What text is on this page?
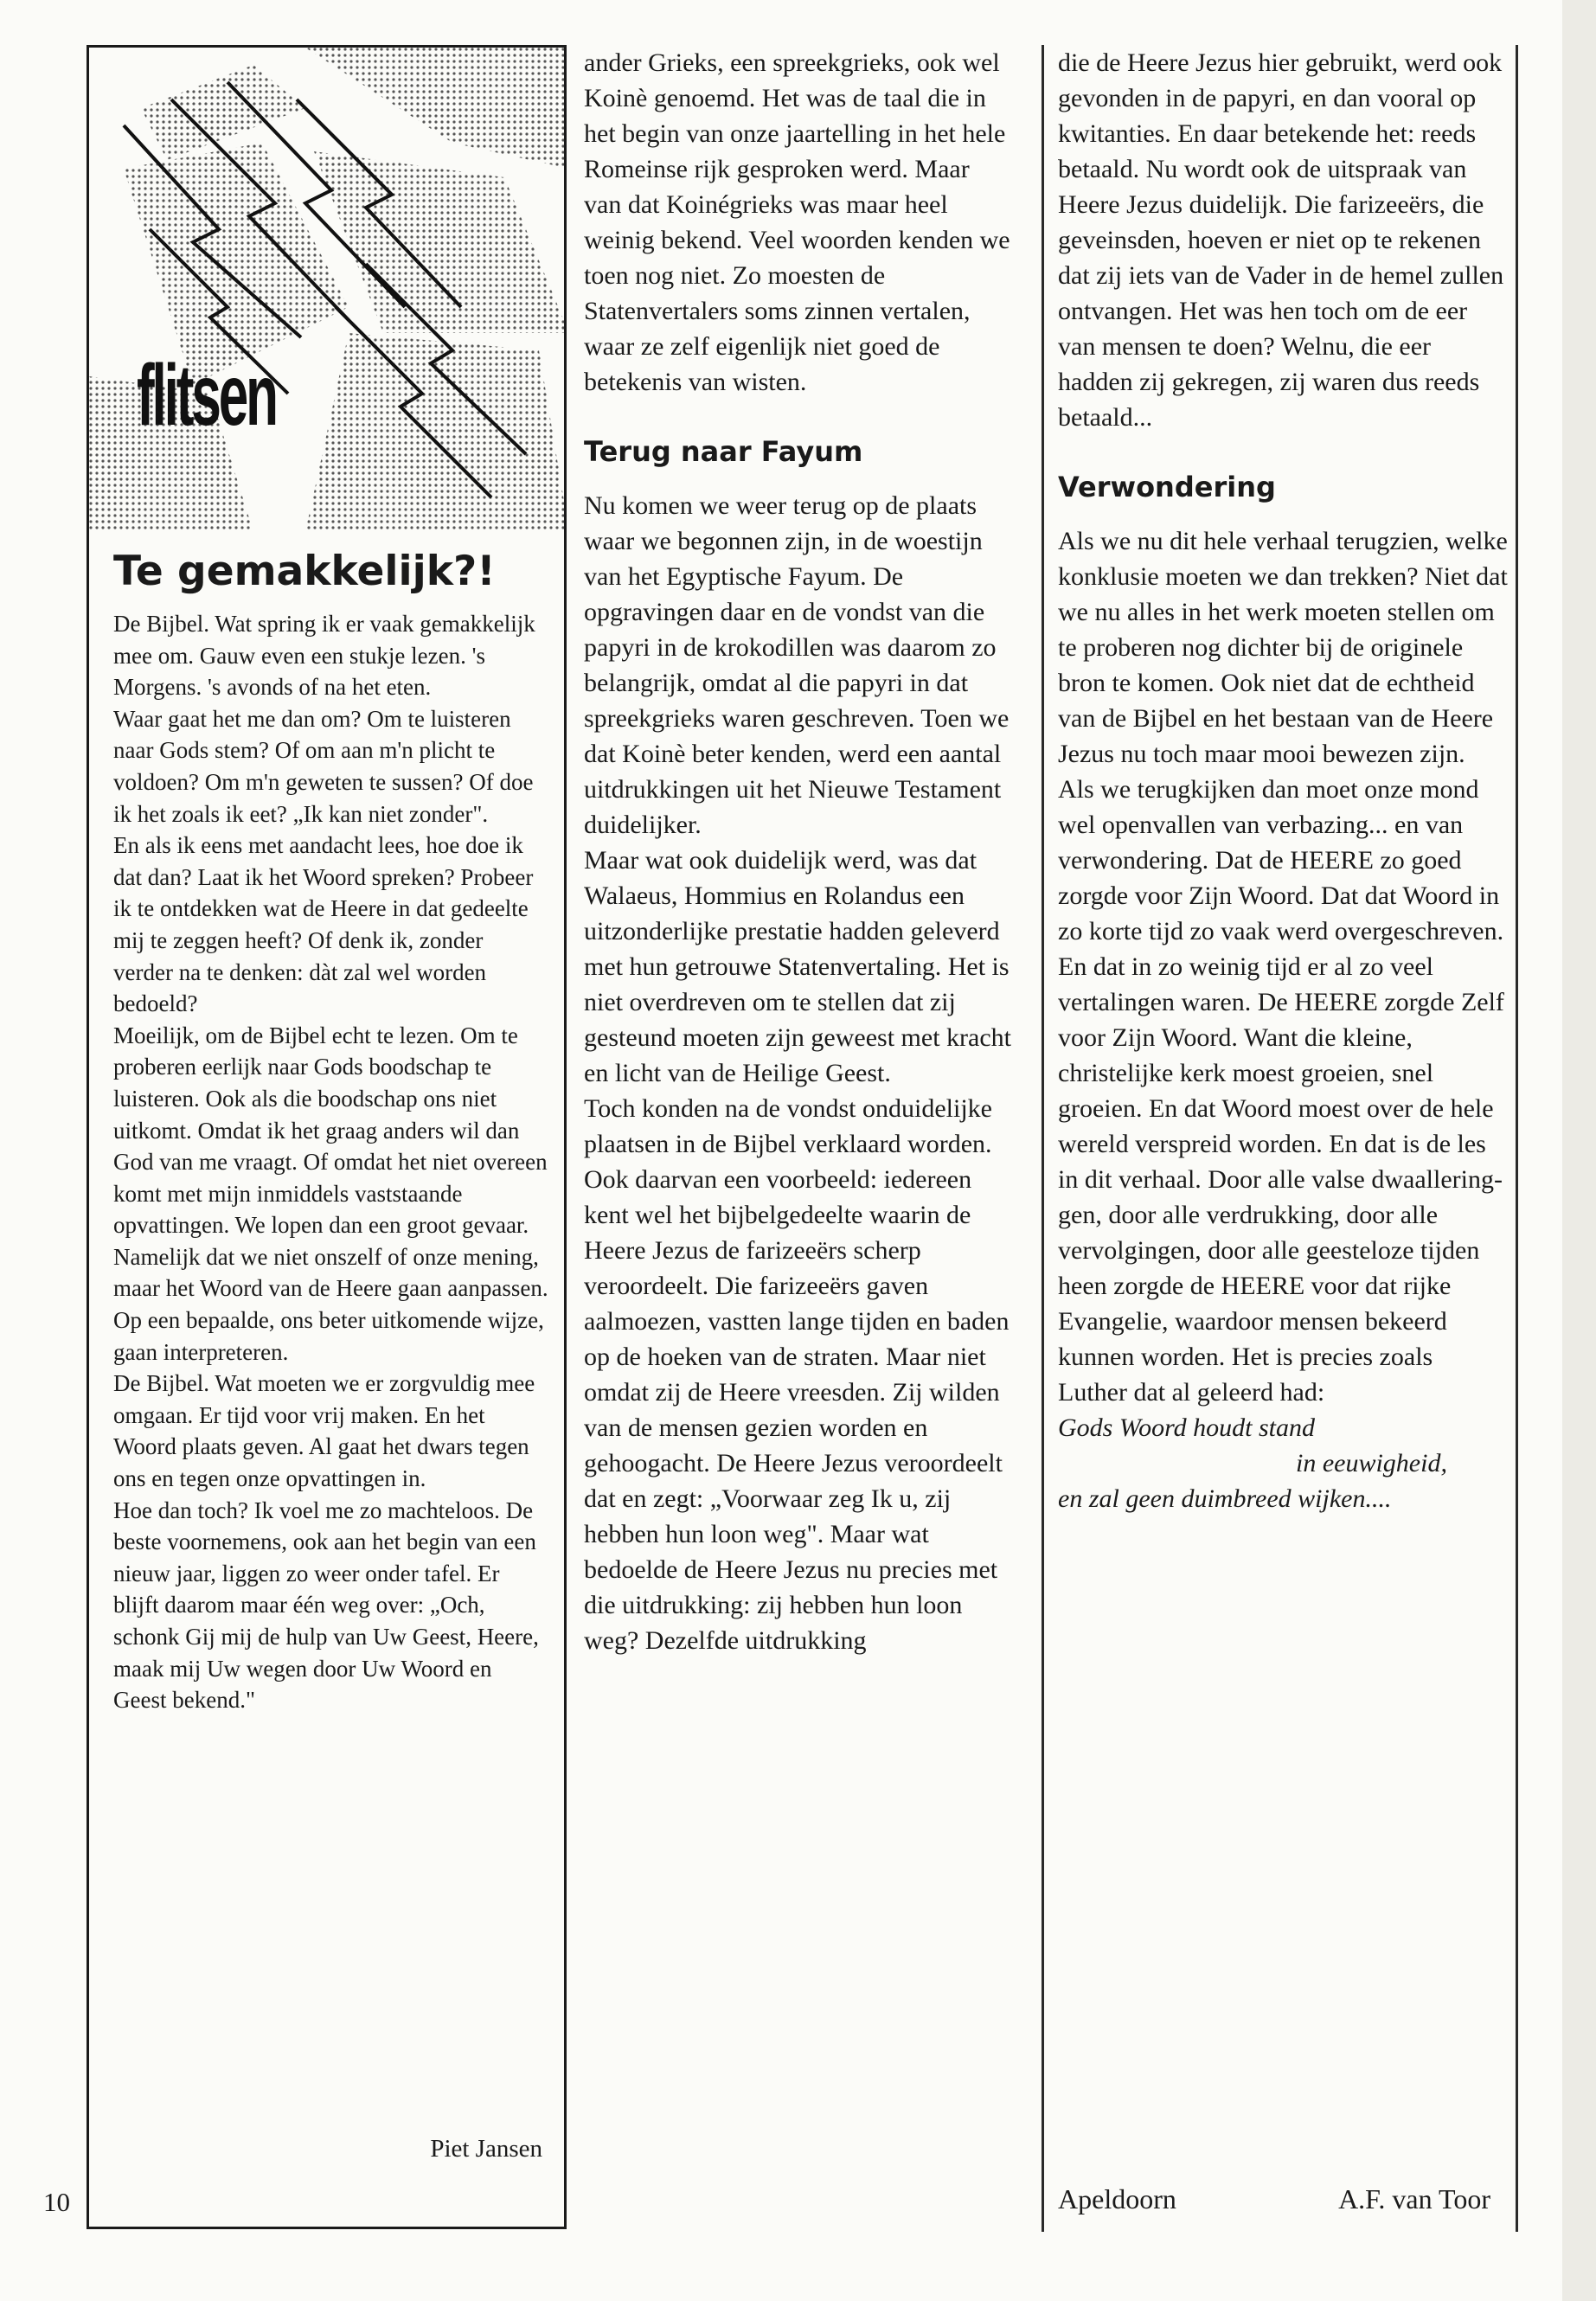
flitsen
Te gemakkelijk?!
De Bijbel. Wat spring ik er vaak gemakkelijk mee om. Gauw even een stukje lezen. 's Morgens. 's avonds of na het eten.
Waar gaat het me dan om? Om te luisteren naar Gods stem? Of om aan m'n plicht te voldoen? Om m'n geweten te sussen? Of doe ik het zoals ik eet? „Ik kan niet zonder".
En als ik eens met aandacht lees, hoe doe ik dat dan? Laat ik het Woord spreken? Probeer ik te ontdekken wat de Heere in dat gedeelte mij te zeggen heeft? Of denk ik, zonder verder na te denken: dàt zal wel worden bedoeld?
Moeilijk, om de Bijbel echt te lezen. Om te proberen eerlijk naar Gods boodschap te luisteren. Ook als die boodschap ons niet uitkomt. Omdat ik het graag anders wil dan God van me vraagt. Of omdat het niet overeen komt met mijn inmiddels vaststaande opvattingen. We lopen dan een groot gevaar. Namelijk dat we niet onszelf of onze mening, maar het Woord van de Heere gaan aanpassen. Op een bepaalde, ons beter uitkomende wijze, gaan interpreteren.
De Bijbel. Wat moeten we er zorgvuldig mee omgaan. Er tijd voor vrij maken. En het Woord plaats geven. Al gaat het dwars tegen ons en tegen onze opvattingen in.
Hoe dan toch? Ik voel me zo machteloos. De beste voornemens, ook aan het begin van een nieuw jaar, liggen zo weer onder tafel. Er blijft daarom maar één weg over: „Och, schonk Gij mij de hulp van Uw Geest, Heere, maak mij Uw wegen door Uw Woord en Geest bekend."
Piet Jansen
10

ander Grieks, een spreekgrieks, ook wel Koinè genoemd. Het was de taal die in het begin van onze jaartelling in het hele Romeinse rijk gesproken werd. Maar van dat Koinégrieks was maar heel weinig bekend. Veel woorden kenden we toen nog niet. Zo moesten de Statenvertalers soms zinnen vertalen, waar ze zelf eigenlijk niet goed de betekenis van wisten.

Terug naar Fayum

Nu komen we weer terug op de plaats waar we begonnen zijn, in de woestijn van het Egyptische Fayum. De opgravingen daar en de vondst van die papyri in de krokodillen was daarom zo belangrijk, omdat al die papyri in dat spreekgrieks waren geschreven. Toen we dat Koinè beter kenden, werd een aantal uitdrukkingen uit het Nieuwe Testament duidelijker.

Maar wat ook duidelijk werd, was dat Walaeus, Hommius en Rolandus een uitzonderlijke prestatie hadden geleverd met hun getrouwe Statenvertaling. Het is niet overdreven om te stellen dat zij gesteund moeten zijn geweest met kracht en licht van de Heilige Geest.

Toch konden na de vondst onduidelijke plaatsen in de Bijbel verklaard worden. Ook daarvan een voorbeeld: iedereen kent wel het bijbelgedeelte waarin de Heere Jezus de farizeeërs scherp veroordeelt. Die farizeeërs gaven aalmoezen, vastten lange tijden en baden op de hoeken van de straten. Maar niet omdat zij de Heere vreesden. Zij wilden van de mensen gezien worden en gehoogacht. De Heere Jezus veroordeelt dat en zegt: „Voorwaar zeg Ik u, zij hebben hun loon weg". Maar wat bedoelde de Heere Jezus nu precies met die uitdrukking: zij hebben hun loon weg? Dezelfde uitdrukking

die de Heere Jezus hier gebruikt, werd ook gevonden in de papyri, en dan vooral op kwitanties. En daar betekende het: reeds betaald. Nu wordt ook de uitspraak van Heere Jezus duidelijk. Die farizeeërs, die geveinsden, hoeven er niet op te rekenen dat zij iets van de Vader in de hemel zullen ontvangen. Het was hen toch om de eer van mensen te doen? Welnu, die eer hadden zij gekregen, zij waren dus reeds betaald...

Verwondering

Als we nu dit hele verhaal terugzien, welke konklusie moeten we dan trekken? Niet dat we nu alles in het werk moeten stellen om te proberen nog dichter bij de originele bron te komen. Ook niet dat de echtheid van de Bijbel en het bestaan van de Heere Jezus nu toch maar mooi bewezen zijn.

Als we terugkijken dan moet onze mond wel openvallen van verbazing... en van verwondering. Dat de HEERE zo goed zorgde voor Zijn Woord. Dat dat Woord in zo korte tijd zo vaak werd overgeschreven. En dat in zo weinig tijd er al zo veel vertalingen waren. De HEERE zorgde Zelf voor Zijn Woord. Want die kleine, christelijke kerk moest groeien, snel groeien. En dat Woord moest over de hele wereld verspreid worden. En dat is de les in dit verhaal. Door alle valse dwaalleringgen, door alle verdrukking, door alle vervolgingen, door alle geesteloze tijden heen zorgde de HEERE voor dat rijke Evangelie, waardoor mensen bekeerd kunnen worden. Het is precies zoals Luther dat al geleerd had:

Gods Woord houdt stand
in eeuwigheid,
en zal geen duimbreed wijken....
Apeldoorn	A.F. van Toor
